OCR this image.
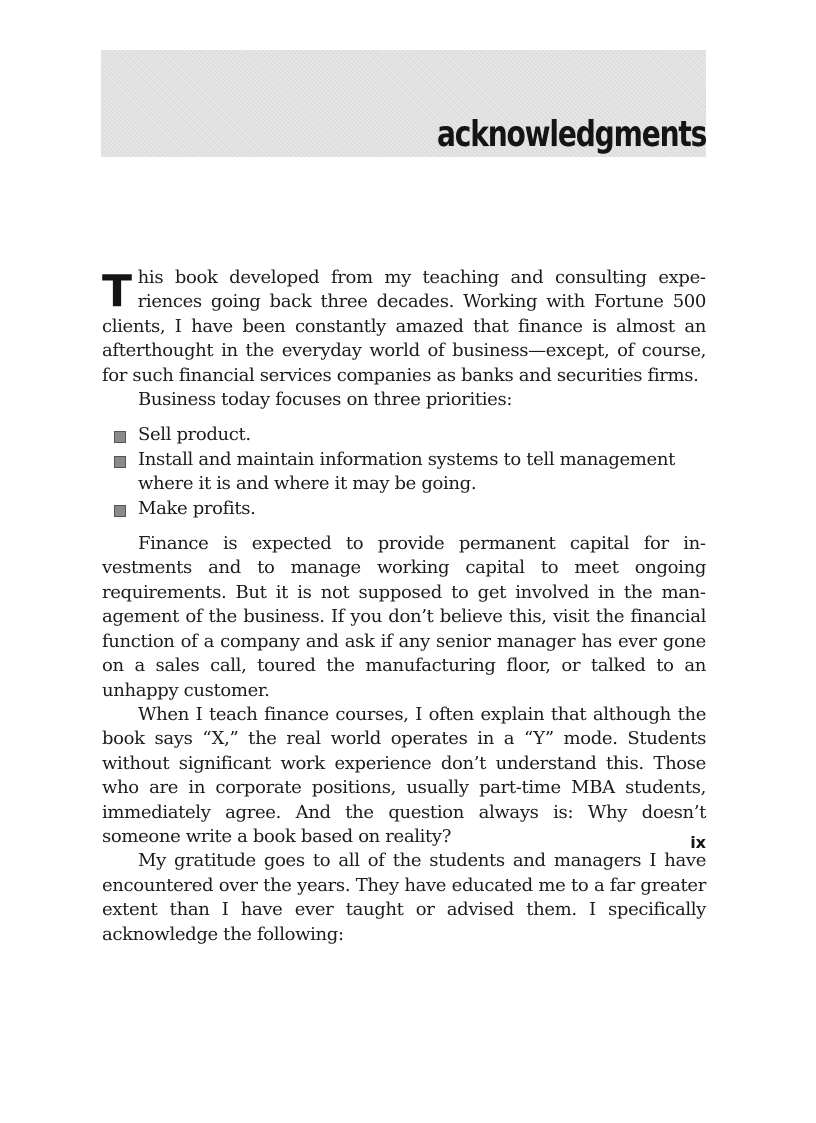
acknowledgments

This book developed from my teaching and consulting experiences going back three decades. Working with Fortune 500 clients, I have been constantly amazed that finance is almost an afterthought in the everyday world of business—except, of course, for such financial services companies as banks and securities firms.

Business today focuses on three priorities:

Sell product.
Install and maintain information systems to tell management where it is and where it may be going.
Make profits.

Finance is expected to provide permanent capital for investments and to manage working capital to meet ongoing requirements. But it is not supposed to get involved in the management of the business. If you don’t believe this, visit the financial function of a company and ask if any senior manager has ever gone on a sales call, toured the manufacturing floor, or talked to an unhappy customer.

When I teach finance courses, I often explain that although the book says “X,” the real world operates in a “Y” mode. Students without significant work experience don’t understand this. Those who are in corporate positions, usually part-time MBA students, immediately agree. And the question always is: Why doesn’t someone write a book based on reality?

My gratitude goes to all of the students and managers I have encountered over the years. They have educated me to a far greater extent than I have ever taught or advised them. I specifically acknowledge the following:

ix
